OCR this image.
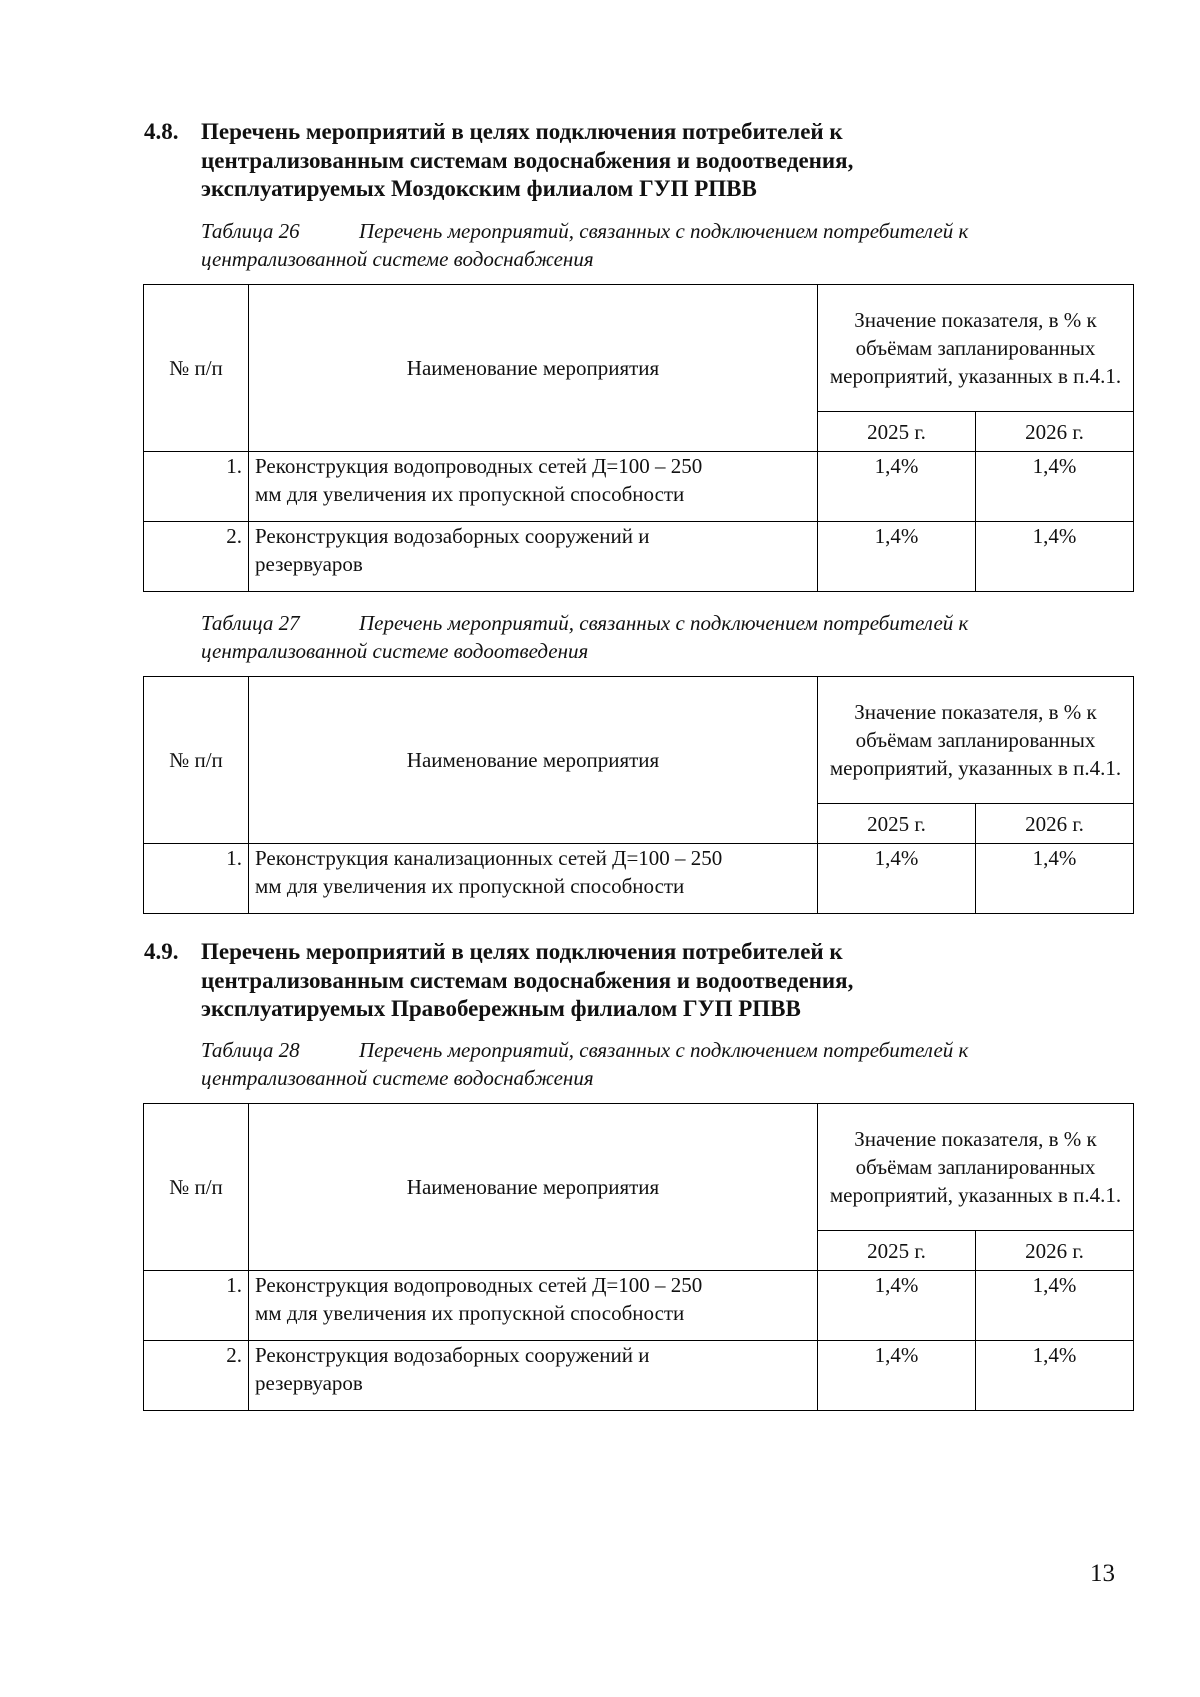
4.8. Перечень мероприятий в целях подключения потребителей к
централизованным системам водоснабжения и водоотведения,
эксплуатируемых Моздокским филиалом ГУП РПВВ
Таблица 26	Перечень мероприятий, связанных с подключением потребителей к
централизованной системе водоснабжения
№ п/п	Наименование мероприятия	Значение показателя, в % к объёмам запланированных мероприятий, указанных в п.4.1.	
		2025 г.	2026 г.
1.	Реконструкция водопроводных сетей Д=100 – 250
мм для увеличения их пропускной способности	1,4%	1,4%
2.	Реконструкция водозаборных сооружений и
резервуаров	1,4%	1,4%
Таблица 27	Перечень мероприятий, связанных с подключением потребителей к
централизованной системе водоотведения
№ п/п	Наименование мероприятия	Значение показателя, в % к объёмам запланированных мероприятий, указанных в п.4.1.	
		2025 г.	2026 г.
1.	Реконструкция канализационных сетей Д=100 – 250
мм для увеличения их пропускной способности	1,4%	1,4%
4.9. Перечень мероприятий в целях подключения потребителей к
централизованным системам водоснабжения и водоотведения,
эксплуатируемых Правобережным филиалом ГУП РПВВ
Таблица 28	Перечень мероприятий, связанных с подключением потребителей к
централизованной системе водоснабжения
№ п/п	Наименование мероприятия	Значение показателя, в % к объёмам запланированных мероприятий, указанных в п.4.1.	
		2025 г.	2026 г.
1.	Реконструкция водопроводных сетей Д=100 – 250
мм для увеличения их пропускной способности	1,4%	1,4%
2.	Реконструкция водозаборных сооружений и
резервуаров	1,4%	1,4%
13
